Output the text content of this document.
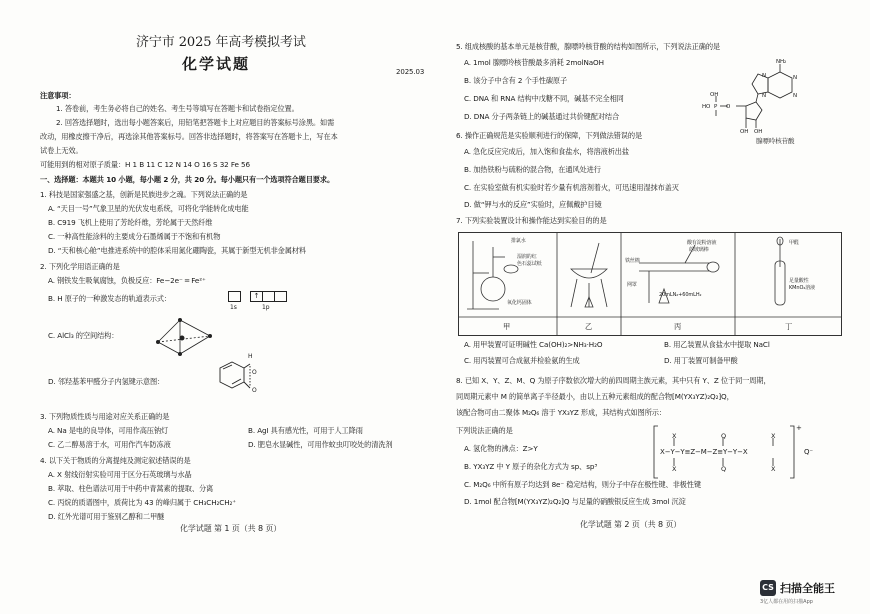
济宁市 2025 年高考模拟考试
化学试题	2025.03
注意事项：
1. 答卷前，考生务必将自己的姓名、考生号等填写在答题卡和试卷指定位置。
2. 回答选择题时，选出每小题答案后，用铅笔把答题卡上对应题目的答案标号涂黑。如需
改动，用橡皮擦干净后，再选涂其他答案标号。回答非选择题时，将答案写在答题卡上，写在本
试卷上无效。
可能用到的相对原子质量：H 1 B 11 C 12 N 14 O 16 S 32 Fe 56
一、选择题：本题共 10 小题，每小题 2 分，共 20 分。每小题只有一个选项符合题目要求。
1. 科技是国家强盛之基，创新是民族进步之魂。下列说法正确的是
A. “天目一号”气象卫星的光伏发电系统，可将化学能转化成电能
B. C919 飞机上使用了芳纶纤维，芳纶属于天然纤维
C. 一种高性能涂料的主要成分石墨烯属于不饱和有机物
D. “天和核心舱”电推进系统中的腔体采用氮化硼陶瓷，其属于新型无机非金属材料
2. 下列化学用语正确的是
A. 钢铁发生吸氧腐蚀，负极反应：Fe−2e⁻ ═ Fe²⁺
B. H 原子的一种激发态的轨道表示式：	↑
1s	1p
C. AlCl₃ 的空间结构：
D. 邻羟基苯甲醛分子内氢键示意图：
H
O
O
3. 下列物质性质与用途对应关系正确的是
A. Na 是电的良导体，可用作高压钠灯	B. AgI 具有感光性，可用于人工降雨
C. 乙二醇易溶于水，可用作汽车防冻液	D. 肥皂水显碱性，可用作蚊虫叮咬处的清洗剂
4. 以下关于物质的分离提纯及测定叙述错误的是
A. X 射线衍射实验可用于区分石英玻璃与水晶
B. 萃取、柱色谱法可用于中药中青蒿素的提取、分离
C. 丙烷的质谱图中，质荷比为 43 的峰归属于 CH₃CH₂CH₂⁺
D. 红外光谱可用于鉴别乙醇和二甲醚
化学试题 第 1 页（共 8 页）
5. 组成核酸的基本单元是核苷酸，腺嘌呤核苷酸的结构如图所示，下列说法正确的是
A. 1mol 腺嘌呤核苷酸最多消耗 2molNaOH
B. 该分子中含有 2 个手性碳原子
C. DNA 和 RNA 结构中戊糖不同，碱基不完全相同
D. DNA 分子两条链上的碱基通过共价键配对结合
NH₂
N
N
N
N
HO P
OH
O
OH OH
腺嘌呤核苷酸
6. 操作正确规范是实验顺利进行的保障，下列做法错误的是
A. 急化反应完成后，加入饱和食盐水，将溶液析出盐
B. 加热铁粉与硫粉的混合物，在通风处进行
C. 在实验室做有机实验时若少量有机溶剂着火，可迅速用湿抹布盖灭
D. 做“钾与水的反应”实验时，应佩戴护目镜
7. 下列实验装置设计和操作能达到实验目的的是
排氯水
湿润的红
色石蕊试纸
氧化钙固体
铁丝棉
酸有淀粉溶液
的玻璃棒
20mLN₂+60mLH₂
网罩
甲醛
足量酸性
KMnO₄溶液
甲	乙	丙	丁
A. 用甲装置可证明碱性 Ca(OH)₂>NH₃·H₂O	B. 用乙装置从食盐水中提取 NaCl
C. 用丙装置可合成氨并检验氨的生成	D. 用丁装置可制备甲酸
8. 已知 X、Y、Z、M、Q 为原子序数依次增大的前四周期主族元素，其中只有 Y、Z 位于同一周期，
同周期元素中 M 的简单离子半径最小，由以上五种元素组成的配合物[M(YX₃YZ)₂Q₂]Q，
该配合物可由二聚体 M₂Q₆ 溶于 YX₃YZ 形成，其结构式如图所示：
下列说法正确的是
A. 氢化物的沸点：Z>Y
B. YX₃YZ 中 Y 原子的杂化方式为 sp、sp³
C. M₂Q₆ 中所有原子均达到 8e⁻ 稳定结构，则分子中存在极性键、非极性键
D. 1mol 配合物[M(YX₃YZ)₂Q₂]Q 与足量的硝酸银反应生成 3mol 沉淀
X
X
X
X
Q
Q
X−Y−Y≡Z−M−Z≡Y−Y−X
+
Q⁻
化学试题 第 2 页（共 8 页）
CS 扫描全能王
3亿人都在用的扫描App
